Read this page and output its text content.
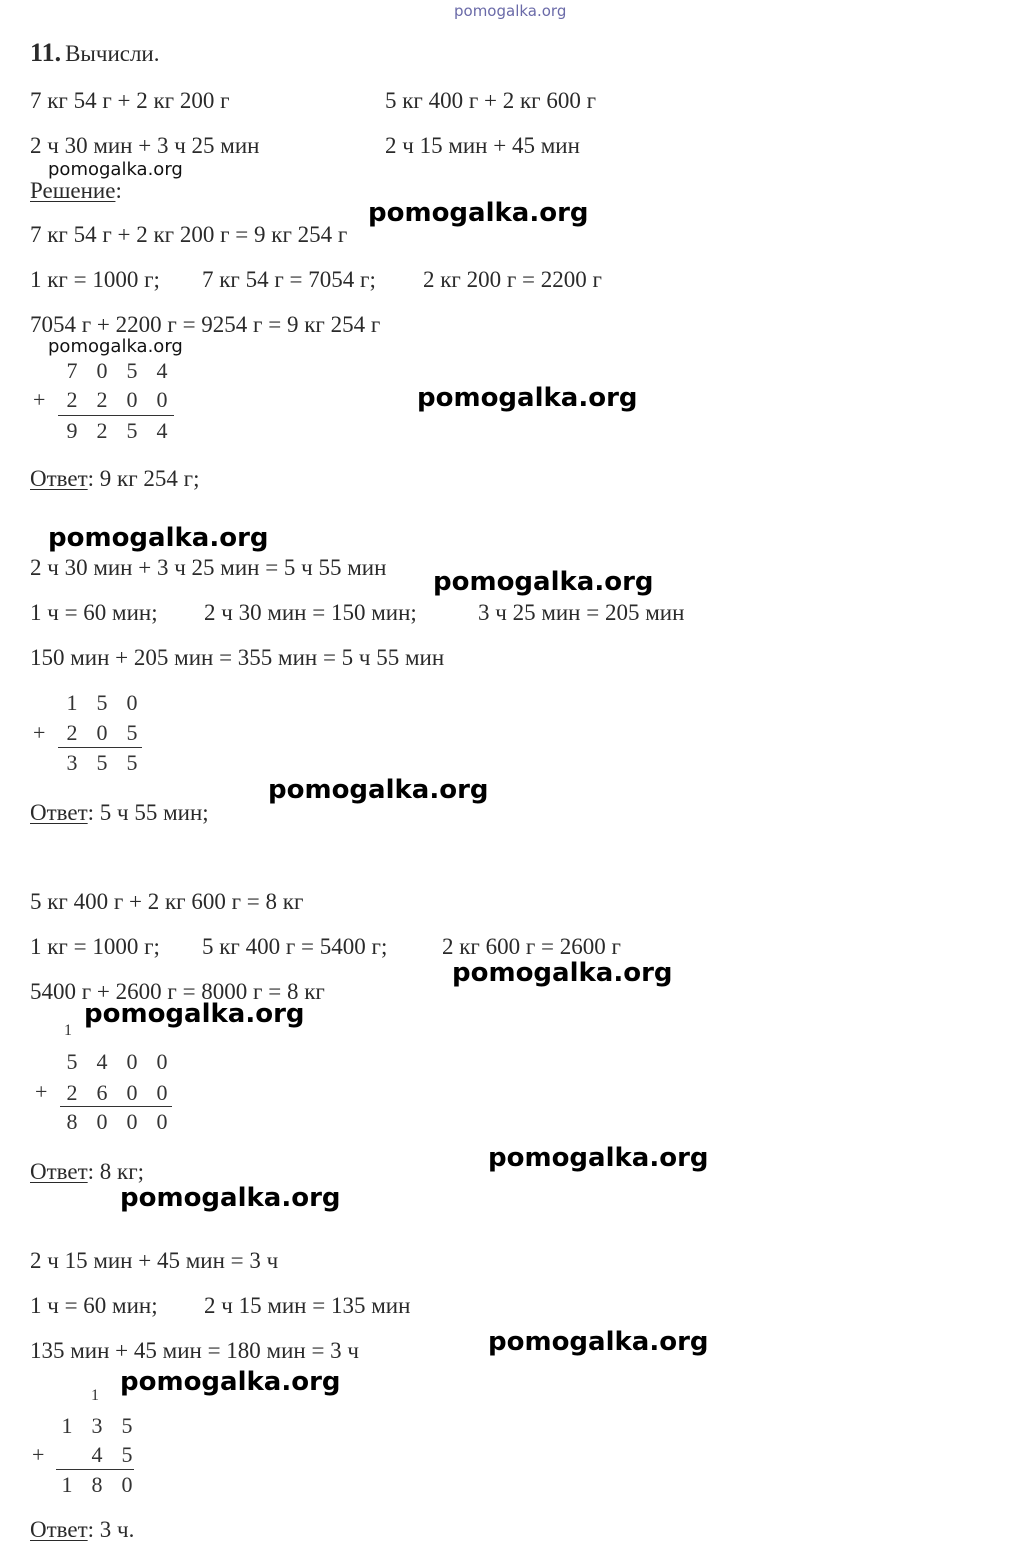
pomogalka.org
11. Вычисли.
7 кг 54 г + 2 кг 200 г	5 кг 400 г + 2 кг 600 г
2 ч 30 мин + 3 ч 25 мин	2 ч 15 мин + 45 мин
pomogalka.org
Решение:
pomogalka.org
7 кг 54 г + 2 кг 200 г = 9 кг 254 г
1 кг = 1000 г; 7 кг 54 г = 7054 г; 2 кг 200 г = 2200 г
7054 г + 2200 г = 9254 г = 9 кг 254 г
pomogalka.org
7 0 5 4
+ 2 2 0 0
9 2 5 4
pomogalka.org
Ответ: 9 кг 254 г;
pomogalka.org
2 ч 30 мин + 3 ч 25 мин = 5 ч 55 мин pomogalka.org
1 ч = 60 мин; 2 ч 30 мин = 150 мин;	3 ч 25 мин = 205 мин
150 мин + 205 мин = 355 мин = 5 ч 55 мин
1 5 0
+ 2 0 5
3 5 5
pomogalka.org
Ответ: 5 ч 55 мин;
5 кг 400 г + 2 кг 600 г = 8 кг
1 кг = 1000 г; 5 кг 400 г = 5400 г; 2 кг 600 г = 2600 г
pomogalka.org
5400 г + 2600 г = 8000 г = 8 кг
pomogalka.org
1
5 4 0 0
+ 2 6 0 0
8 0 0 0
pomogalka.org
Ответ: 8 кг;
pomogalka.org
2 ч 15 мин + 45 мин = 3 ч
1 ч = 60 мин; 2 ч 15 мин = 135 мин
pomogalka.org
135 мин + 45 мин = 180 мин = 3 ч
pomogalka.org
1
1 3 5
+	4 5
1 8 0
Ответ: 3 ч.
